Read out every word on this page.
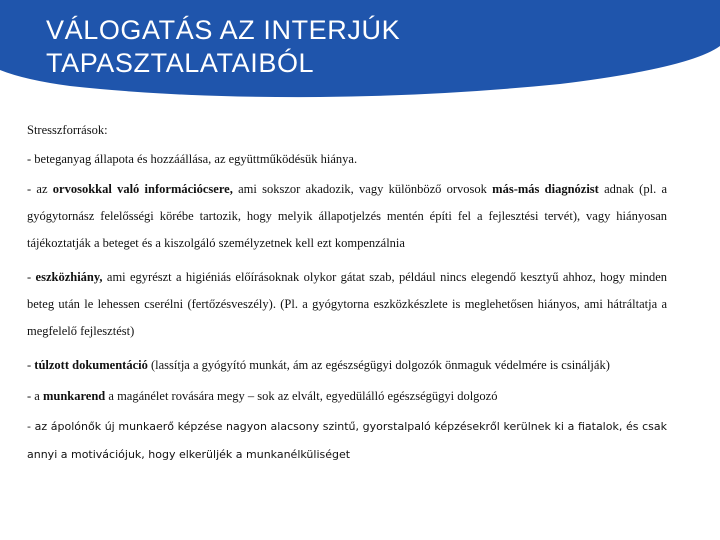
VÁLOGATÁS AZ INTERJÚK TAPASZTALATAIBÓL
Stresszforrások:

- beteganyag állapota és hozzáállása, az együttműködésük hiánya.

- az orvosokkal való információcsere, ami sokszor akadozik, vagy különböző orvosok más-más diagnózist adnak (pl. a gyógytornász felelősségi körébe tartozik, hogy melyik állapotjelzés mentén építi fel a fejlesztési tervét), vagy hiányosan tájékoztatják a beteget és a kiszolgáló személyzetnek kell ezt kompenzálnia

- eszközhiány, ami egyrészt a higiéniás előírásoknak olykor gátat szab, például nincs elegendő kesztyű ahhoz, hogy minden beteg után le lehessen cserélni (fertőzésveszély). (Pl. a gyógytorna eszközkészlete is meglehetősen hiányos, ami hátráltatja a megfelelő fejlesztést)

- túlzott dokumentáció (lassítja a gyógyító munkát, ám az egészségügyi dolgozók önmaguk védelmére is csinálják)

- a munkarend a magánélet rovására megy – sok az elvált, egyedülálló egészségügyi dolgozó

- az ápolónők új munkaerő képzése nagyon alacsony szintű, gyorstalpaló képzésekről kerülnek ki a fiatalok, és csak annyi a motivációjuk, hogy elkerüljék a munkanélküliséget
